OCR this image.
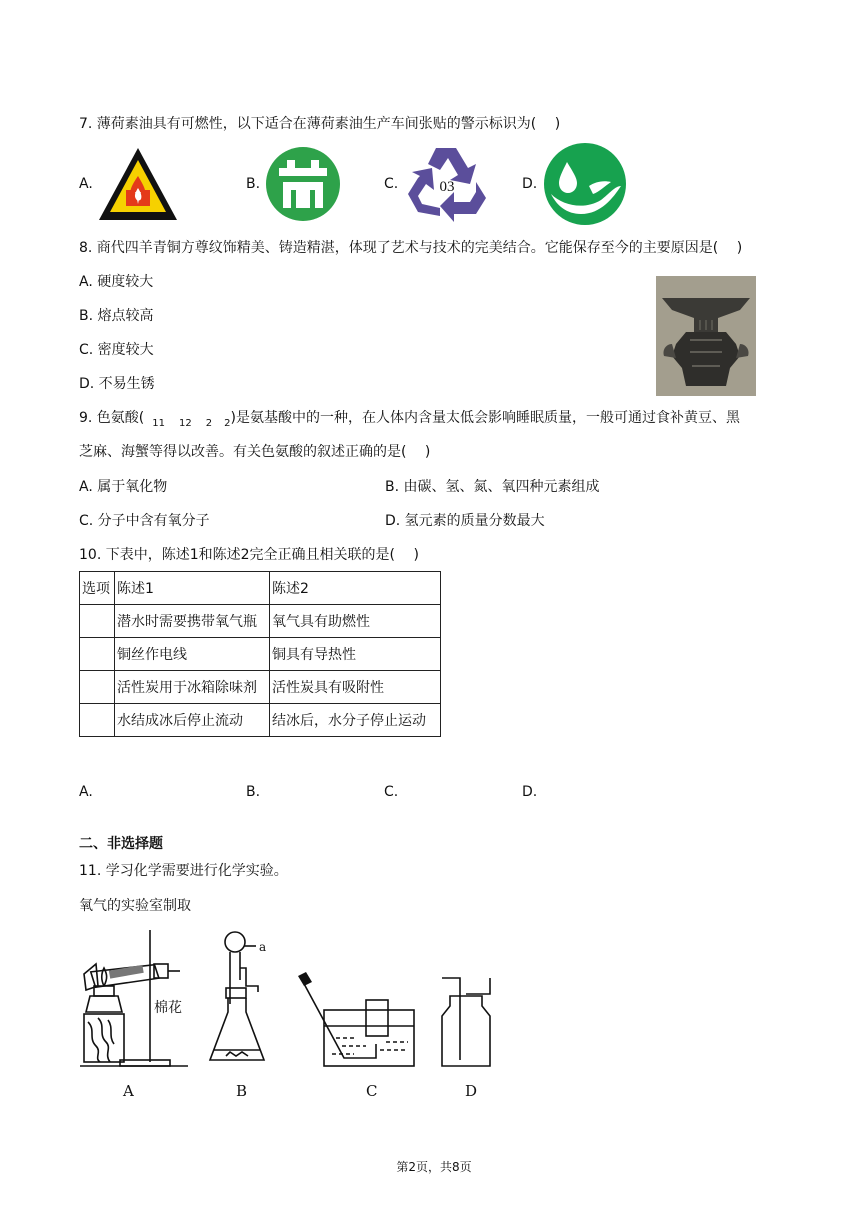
7. 薄荷素油具有可燃性，以下适合在薄荷素油生产车间张贴的警示标识为(　 )
A.	B.	C.	03	D.
8. 商代四羊青铜方尊纹饰精美、铸造精湛，体现了艺术与技术的完美结合。它能保存至今的主要原因是(　 )
A. 硬度较大
B. 熔点较高
C. 密度较大
D. 不易生锈
9. 色氨酸( $_{11}$ $_{12}$ $_2$ $_2$)是氨基酸中的一种，在人体内含量太低会影响睡眠质量，一般可通过食补黄豆、黑
芝麻、海蟹等得以改善。有关色氨酸的叙述正确的是(　 )
A. 属于氧化物	B. 由碳、氢、氮、氧四种元素组成
C. 分子中含有氧分子	D. 氢元素的质量分数最大
10. 下表中，陈述1和陈述2完全正确且相关联的是(　 )
选项	陈述1	陈述2
	潜水时需要携带氧气瓶	氧气具有助燃性
	铜丝作电线	铜具有导热性
	活性炭用于冰箱除味剂	活性炭具有吸附性
	水结成冰后停止流动	结冰后，水分子停止运动
A.	B.	C.	D.
二、非选择题
11. 学习化学需要进行化学实验。
氧气的实验室制取
棉花
a
A	B	C	D
第2页，共8页
